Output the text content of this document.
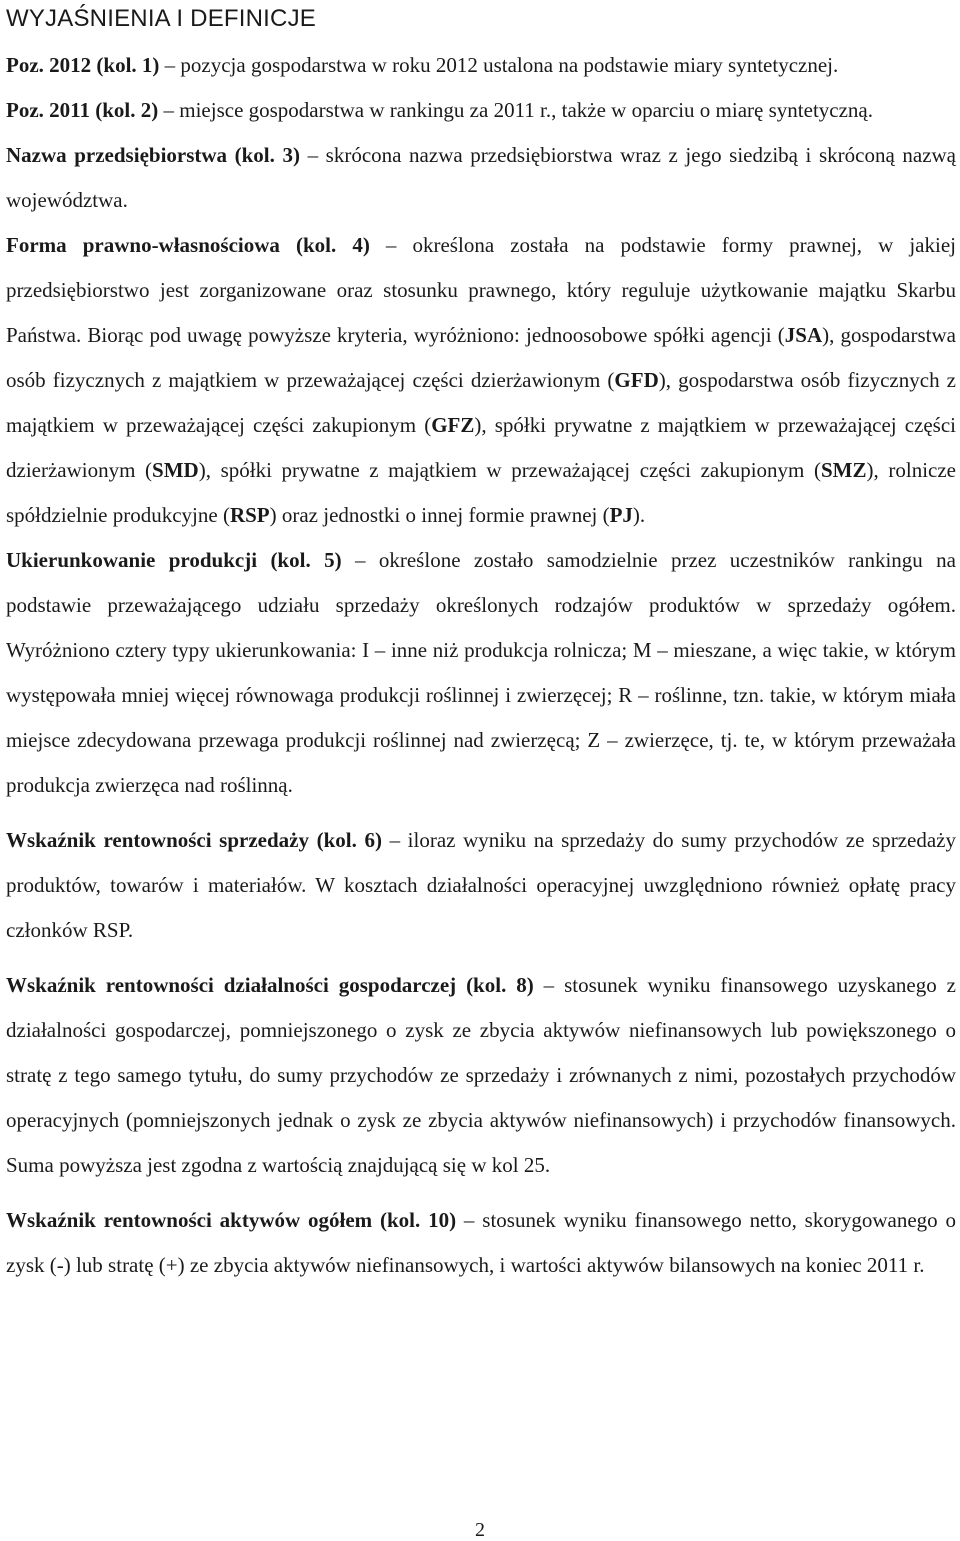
WYJAŚNIENIA I DEFINICJE

Poz. 2012 (kol. 1) – pozycja gospodarstwa w roku 2012 ustalona na podstawie miary syntetycznej.

Poz. 2011 (kol. 2) – miejsce gospodarstwa w rankingu za 2011 r., także w oparciu o miarę syntetyczną.

Nazwa przedsiębiorstwa (kol. 3) – skrócona nazwa przedsiębiorstwa wraz z jego siedzibą i skróconą nazwą województwa.

Forma prawno-własnościowa (kol. 4) – określona została na podstawie formy prawnej, w jakiej przedsiębiorstwo jest zorganizowane oraz stosunku prawnego, który reguluje użytkowanie majątku Skarbu Państwa. Biorąc pod uwagę powyższe kryteria, wyróżniono: jednoosobowe spółki agencji (JSA), gospodarstwa osób fizycznych z majątkiem w przeważającej części dzierżawionym (GFD), gospodarstwa osób fizycznych z majątkiem w przeważającej części zakupionym (GFZ), spółki prywatne z majątkiem w przeważającej części dzierżawionym (SMD), spółki prywatne z majątkiem w przeważającej części zakupionym (SMZ), rolnicze spółdzielnie produkcyjne (RSP) oraz jednostki o innej formie prawnej (PJ).

Ukierunkowanie produkcji (kol. 5) – określone zostało samodzielnie przez uczestników rankingu na podstawie przeważającego udziału sprzedaży określonych rodzajów produktów w sprzedaży ogółem. Wyróżniono cztery typy ukierunkowania: I – inne niż produkcja rolnicza; M – mieszane, a więc takie, w którym występowała mniej więcej równowaga produkcji roślinnej i zwierzęcej; R – roślinne, tzn. takie, w którym miała miejsce zdecydowana przewaga produkcji roślinnej nad zwierzęcą; Z – zwierzęce, tj. te, w którym przeważała produkcja zwierzęca nad roślinną.

Wskaźnik rentowności sprzedaży (kol. 6) – iloraz wyniku na sprzedaży do sumy przychodów ze sprzedaży produktów, towarów i materiałów. W kosztach działalności operacyjnej uwzględniono również opłatę pracy członków RSP.

Wskaźnik rentowności działalności gospodarczej (kol. 8) – stosunek wyniku finansowego uzyskanego z działalności gospodarczej, pomniejszonego o zysk ze zbycia aktywów niefinansowych lub powiększonego o stratę z tego samego tytułu, do sumy przychodów ze sprzedaży i zrównanych z nimi, pozostałych przychodów operacyjnych (pomniejszonych jednak o zysk ze zbycia aktywów niefinansowych) i przychodów finansowych. Suma powyższa jest zgodna z wartością znajdującą się w kol 25.

Wskaźnik rentowności aktywów ogółem (kol. 10) – stosunek wyniku finansowego netto, skorygowanego o zysk (-) lub stratę (+) ze zbycia aktywów niefinansowych, i wartości aktywów bilansowych na koniec 2011 r.

2
